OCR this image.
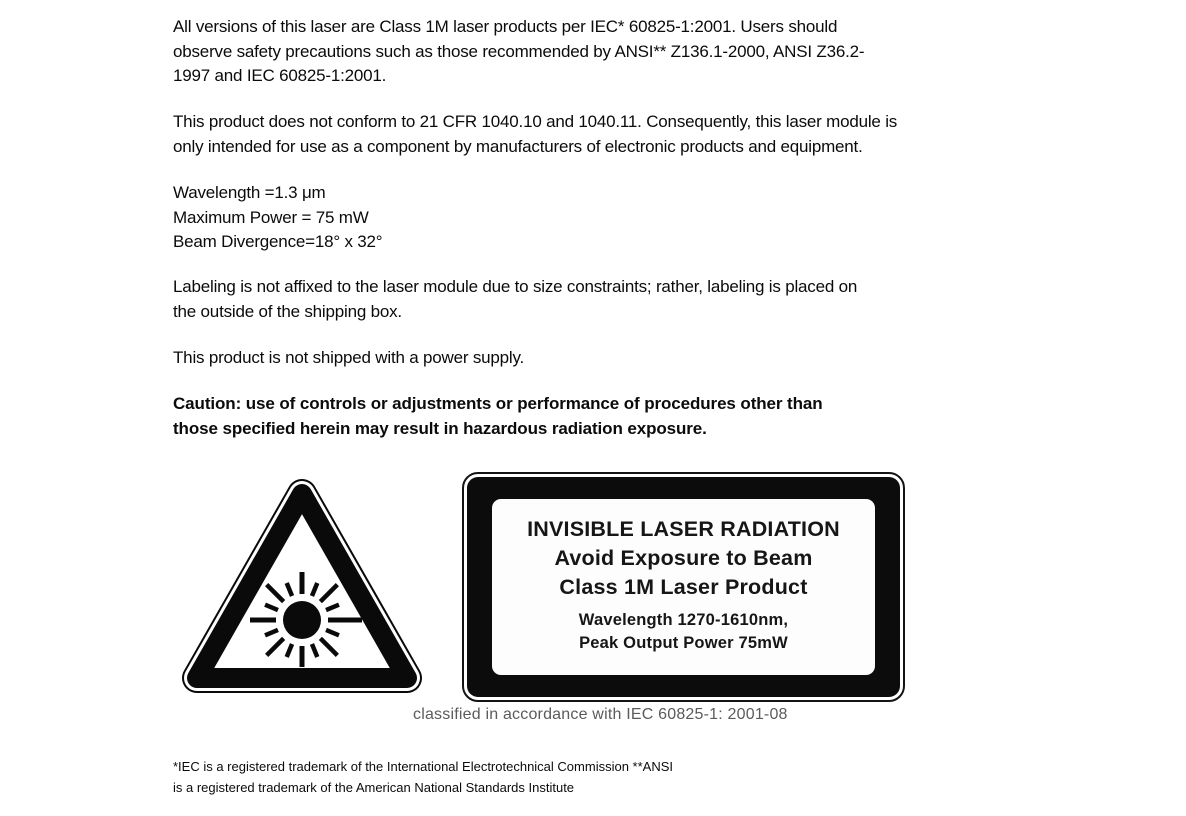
All versions of this laser are Class 1M laser products per IEC* 60825-1:2001. Users should
observe safety precautions such as those recommended by ANSI** Z136.1-2000, ANSI Z36.2-
1997 and IEC 60825-1:2001.
This product does not conform to 21 CFR 1040.10 and 1040.11. Consequently, this laser module is
only intended for use as a component by manufacturers of electronic products and equipment.
Wavelength =1.3 μm
Maximum Power = 75 mW
Beam Divergence=18° x 32°
Labeling is not affixed to the laser module due to size constraints; rather, labeling is placed on
the outside of the shipping box.
This product is not shipped with a power supply.
Caution: use of controls or adjustments or performance of procedures other than
those specified herein may result in hazardous radiation exposure.
INVISIBLE LASER RADIATION
Avoid Exposure to Beam
Class 1M Laser Product
Wavelength 1270-1610nm,
Peak Output Power 75mW
classified in accordance with IEC 60825-1: 2001-08
*IEC is a registered trademark of the International Electrotechnical Commission **ANSI
is a registered trademark of the American National Standards Institute
